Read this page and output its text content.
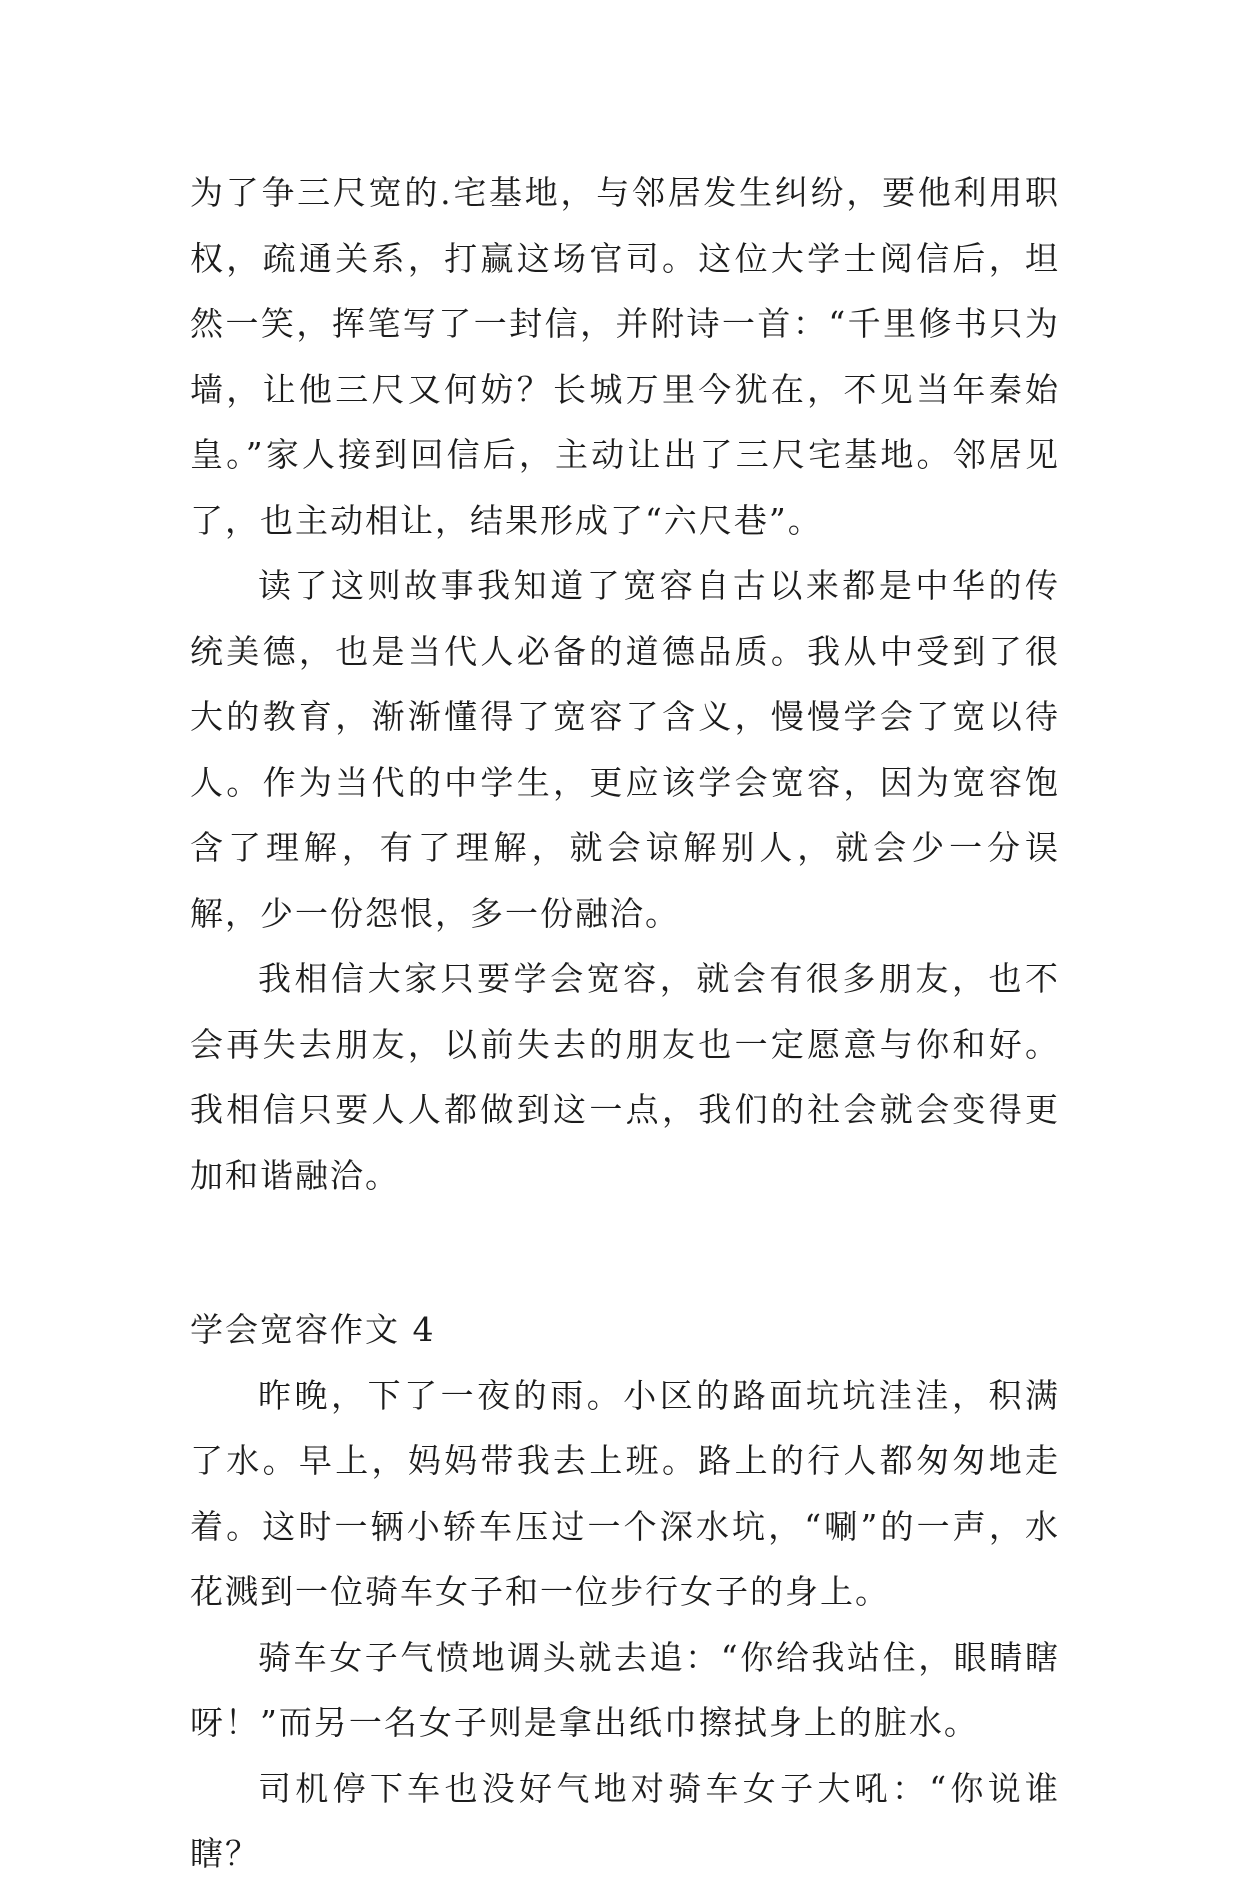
为了争三尺宽的.宅基地，与邻居发生纠纷，要他利用职权，疏通关系，打赢这场官司。这位大学士阅信后，坦然一笑，挥笔写了一封信，并附诗一首：“千里修书只为墙，让他三尺又何妨？长城万里今犹在，不见当年秦始皇。”家人接到回信后，主动让出了三尺宅基地。邻居见了，也主动相让，结果形成了“六尺巷”。

读了这则故事我知道了宽容自古以来都是中华的传统美德，也是当代人必备的道德品质。我从中受到了很大的教育，渐渐懂得了宽容了含义，慢慢学会了宽以待人。作为当代的中学生，更应该学会宽容，因为宽容饱含了理解，有了理解，就会谅解别人，就会少一分误解，少一份怨恨，多一份融洽。

我相信大家只要学会宽容，就会有很多朋友，也不会再失去朋友，以前失去的朋友也一定愿意与你和好。我相信只要人人都做到这一点，我们的社会就会变得更加和谐融洽。

学会宽容作文 4

昨晚，下了一夜的雨。小区的路面坑坑洼洼，积满了水。早上，妈妈带我去上班。路上的行人都匆匆地走着。这时一辆小轿车压过一个深水坑，“唰”的一声，水花溅到一位骑车女子和一位步行女子的身上。

骑车女子气愤地调头就去追：“你给我站住，眼睛瞎呀！”而另一名女子则是拿出纸巾擦拭身上的脏水。

司机停下车也没好气地对骑车女子大吼：“你说谁瞎？
